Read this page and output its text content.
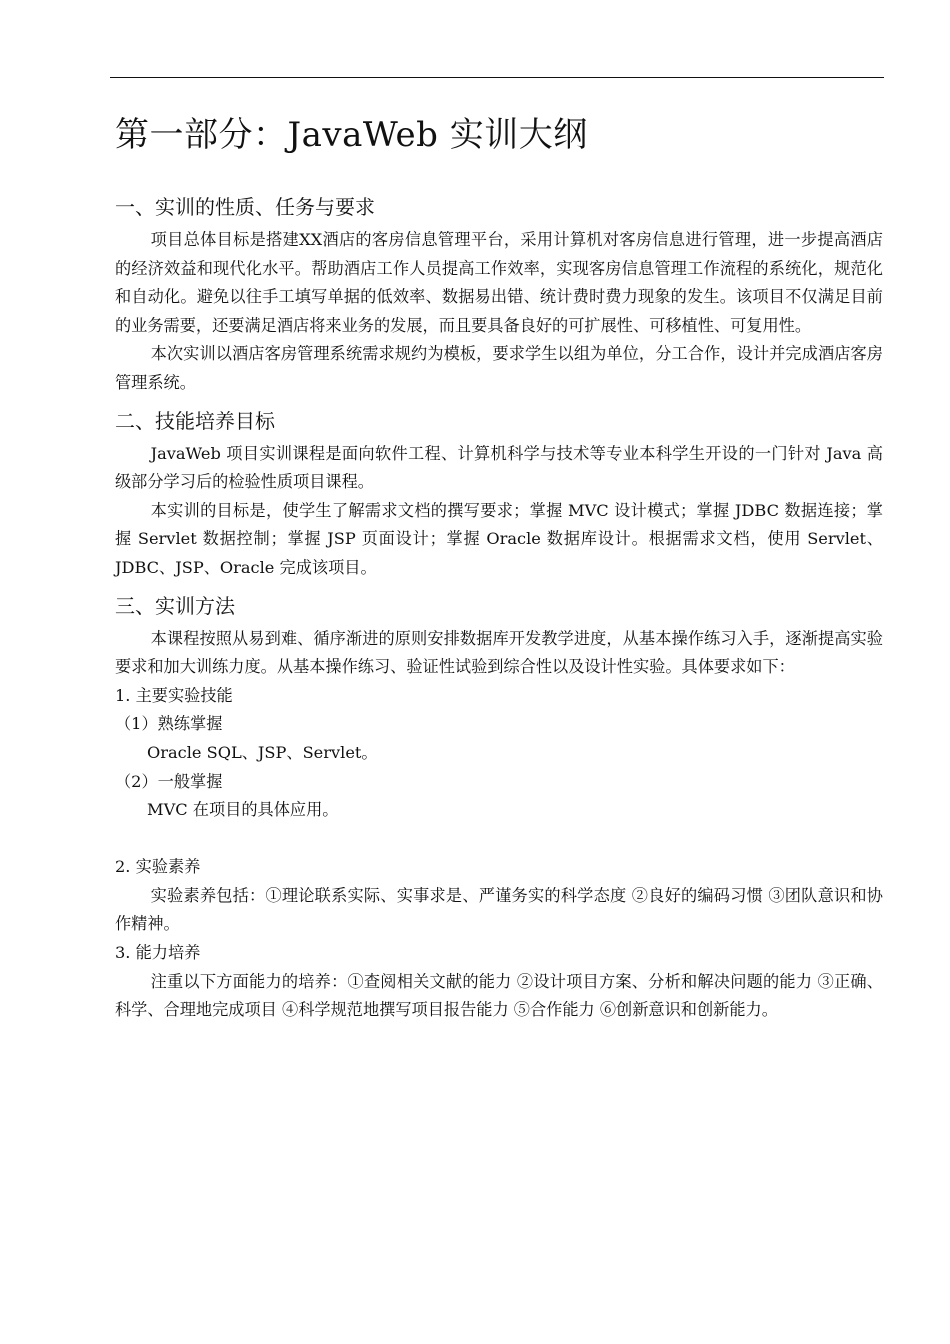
第一部分：JavaWeb 实训大纲
一、实训的性质、任务与要求

项目总体目标是搭建XX酒店的客房信息管理平台，采用计算机对客房信息进行管理，进一步提高酒店的经济效益和现代化水平。帮助酒店工作人员提高工作效率，实现客房信息管理工作流程的系统化，规范化和自动化。避免以往手工填写单据的低效率、数据易出错、统计费时费力现象的发生。该项目不仅满足目前的业务需要，还要满足酒店将来业务的发展，而且要具备良好的可扩展性、可移植性、可复用性。

本次实训以酒店客房管理系统需求规约为模板，要求学生以组为单位，分工合作，设计并完成酒店客房管理系统。

二、技能培养目标

JavaWeb 项目实训课程是面向软件工程、计算机科学与技术等专业本科学生开设的一门针对 Java 高级部分学习后的检验性质项目课程。

本实训的目标是，使学生了解需求文档的撰写要求；掌握 MVC 设计模式；掌握 JDBC 数据连接；掌握 Servlet 数据控制；掌握 JSP 页面设计；掌握 Oracle 数据库设计。根据需求文档，使用 Servlet、JDBC、JSP、Oracle 完成该项目。

三、实训方法

本课程按照从易到难、循序渐进的原则安排数据库开发教学进度，从基本操作练习入手，逐渐提高实验要求和加大训练力度。从基本操作练习、验证性试验到综合性以及设计性实验。具体要求如下：

1. 主要实验技能
（1）熟练掌握
Oracle SQL、JSP、Servlet。
（2）一般掌握
MVC 在项目的具体应用。
2. 实验素养

实验素养包括：①理论联系实际、实事求是、严谨务实的科学态度 ②良好的编码习惯 ③团队意识和协作精神。

3. 能力培养

注重以下方面能力的培养：①查阅相关文献的能力 ②设计项目方案、分析和解决问题的能力 ③正确、科学、合理地完成项目 ④科学规范地撰写项目报告能力 ⑤合作能力 ⑥创新意识和创新能力。
